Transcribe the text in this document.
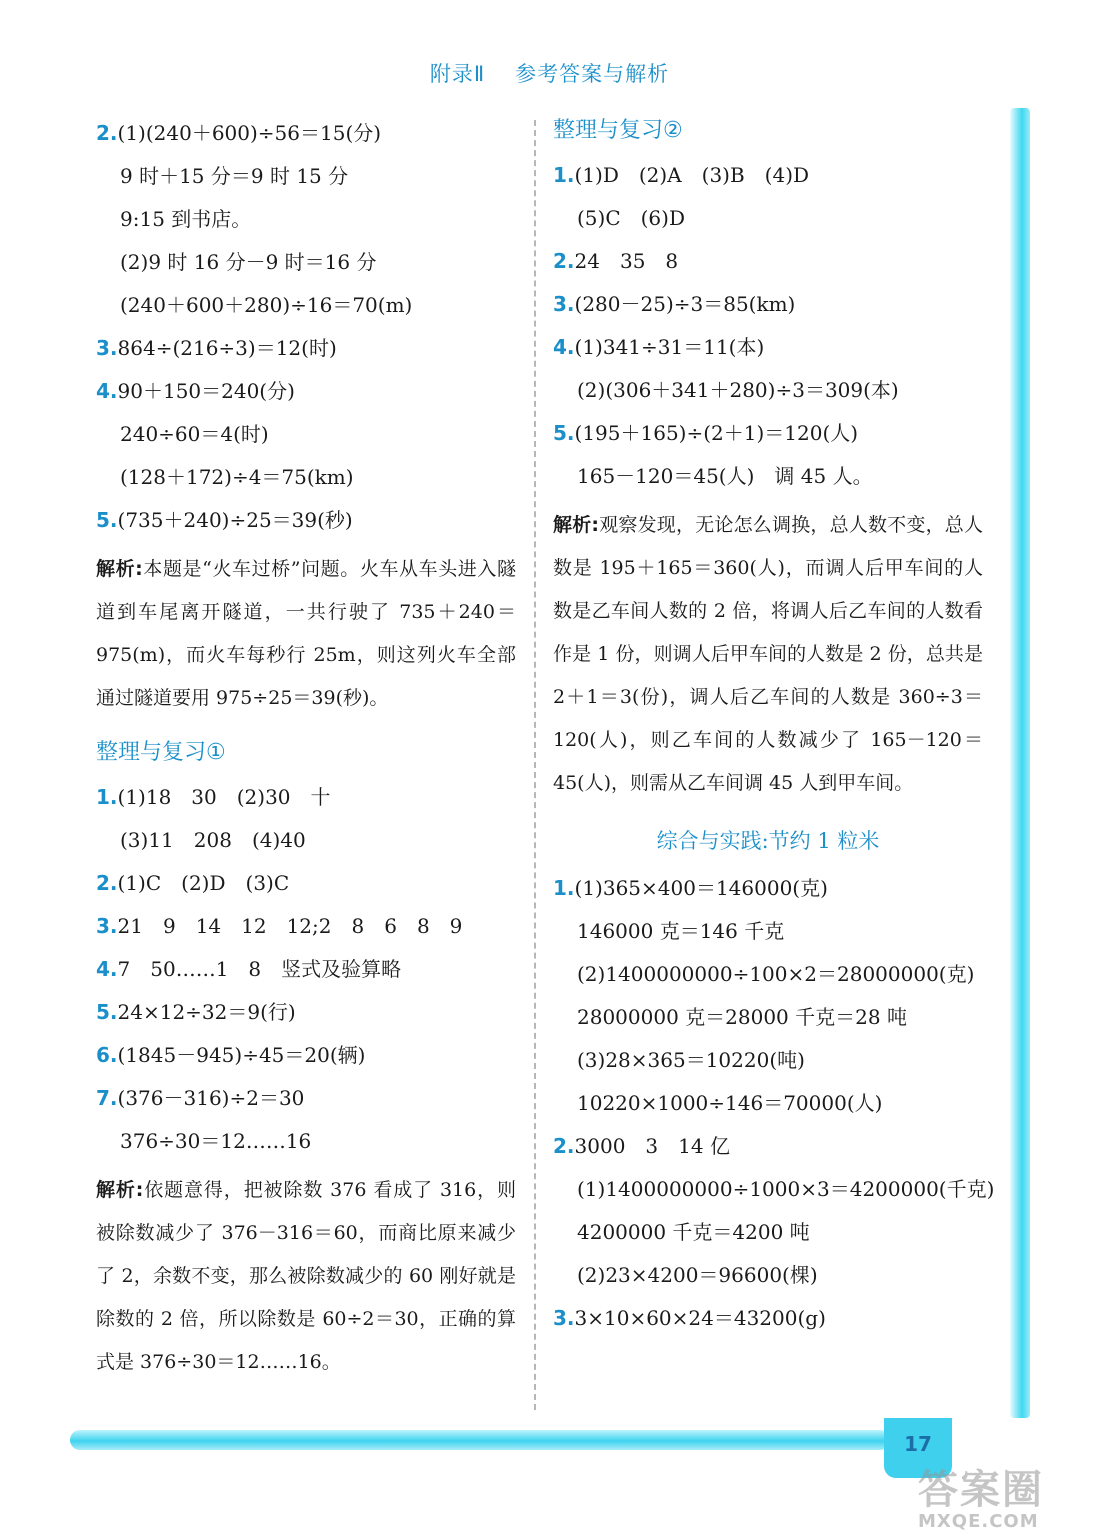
附录Ⅱ 参考答案与解析
17
2.(1)(240＋600)÷56＝15(分)
9 时＋15 分＝9 时 15 分
9:15 到书店。
(2)9 时 16 分－9 时＝16 分
(240＋600＋280)÷16＝70(m)
3.864÷(216÷3)＝12(时)
4.90＋150＝240(分)
240÷60＝4(时)
(128＋172)÷4＝75(km)
5.(735＋240)÷25＝39(秒)
解析:本题是“火车过桥”问题。火车从车头进入隧道到车尾离开隧道，一共行驶了 735＋240＝975(m)，而火车每秒行 25m，则这列火车全部通过隧道要用 975÷25＝39(秒)。
整理与复习①
1.(1)18　30　(2)30　十
(3)11　208　(4)40
2.(1)C　(2)D　(3)C
3.21　9　14　12　12;2　8　6　8　9
4.7　50……1　8　竖式及验算略
5.24×12÷32＝9(行)
6.(1845－945)÷45＝20(辆)
7.(376－316)÷2＝30
376÷30＝12……16
解析:依题意得，把被除数 376 看成了 316，则被除数减少了 376－316＝60，而商比原来减少了 2，余数不变，那么被除数减少的 60 刚好就是除数的 2 倍，所以除数是 60÷2＝30，正确的算式是 376÷30＝12……16。
整理与复习②
1.(1)D　(2)A　(3)B　(4)D
(5)C　(6)D
2.24　35　8
3.(280－25)÷3＝85(km)
4.(1)341÷31＝11(本)
(2)(306＋341＋280)÷3＝309(本)
5.(195＋165)÷(2＋1)＝120(人)
165－120＝45(人)　调 45 人。
解析:观察发现，无论怎么调换，总人数不变，总人数是 195＋165＝360(人)，而调人后甲车间的人数是乙车间人数的 2 倍，将调人后乙车间的人数看作是 1 份，则调人后甲车间的人数是 2 份，总共是 2＋1＝3(份)，调人后乙车间的人数是 360÷3＝120(人)，则乙车间的人数减少了 165－120＝45(人)，则需从乙车间调 45 人到甲车间。
综合与实践:节约 1 粒米
1.(1)365×400＝146000(克)
146000 克＝146 千克
(2)1400000000÷100×2＝28000000(克)
28000000 克＝28000 千克＝28 吨
(3)28×365＝10220(吨)
10220×1000÷146＝70000(人)
2.3000　3　14 亿
(1)1400000000÷1000×3＝4200000(千克)
4200000 千克＝4200 吨
(2)23×4200＝96600(棵)
3.3×10×60×24＝43200(g)
答案圈
MXQE.COM
